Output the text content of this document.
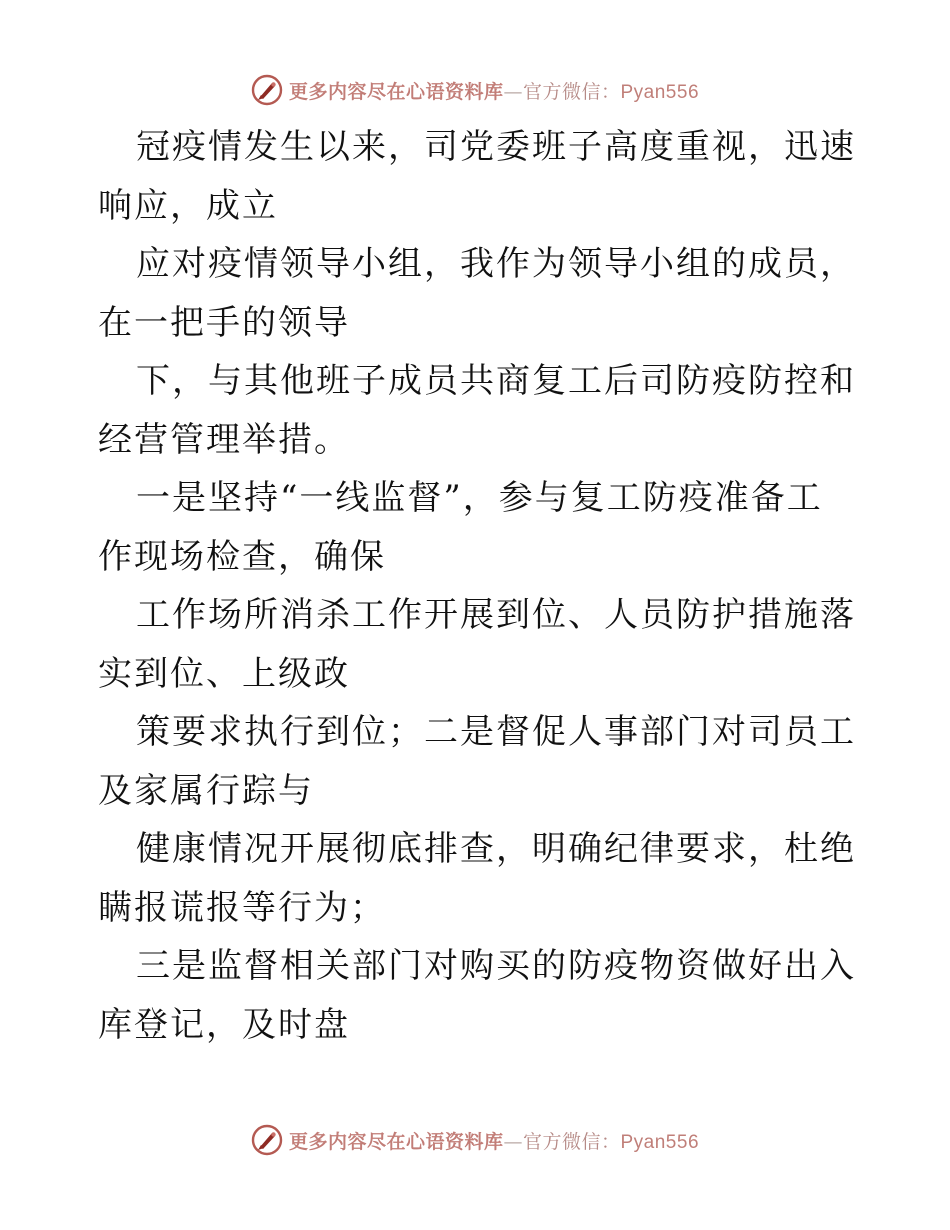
更多内容尽在心语资料库—官方微信：Pyan556

冠疫情发生以来，司党委班子高度重视，迅速响应，成立

应对疫情领导小组，我作为领导小组的成员，在一把手的领导

下，与其他班子成员共商复工后司防疫防控和经营管理举措。

一是坚持“一线监督”，参与复工防疫准备工作现场检查，确保

工作场所消杀工作开展到位、人员防护措施落实到位、上级政

策要求执行到位；二是督促人事部门对司员工及家属行踪与

健康情况开展彻底排查，明确纪律要求，杜绝瞒报谎报等行为；

三是监督相关部门对购买的防疫物资做好出入库登记，及时盘

更多内容尽在心语资料库—官方微信：Pyan556
